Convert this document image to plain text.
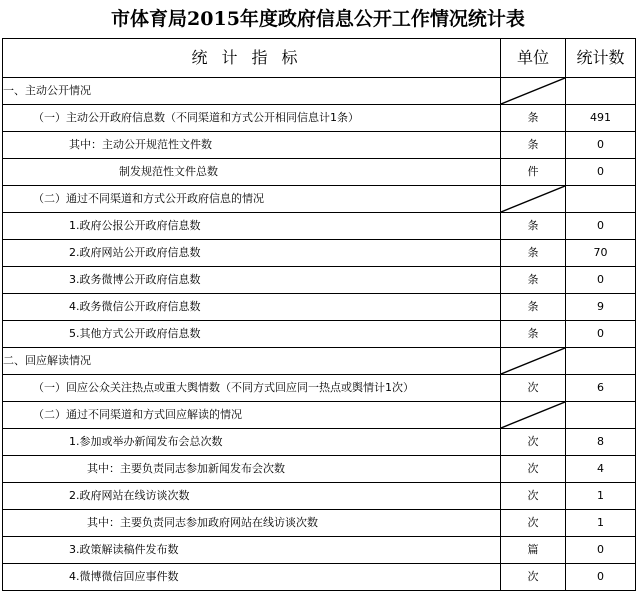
市体育局2015年度政府信息公开工作情况统计表
统计指标	单位	统计数
一、主动公开情况	

（一）主动公开政府信息数（不同渠道和方式公开相同信息计1条）	条	491
其中：主动公开规范性文件数	条	0
制发规范性文件总数	件	0
（二）通过不同渠道和方式公开政府信息的情况	

1.政府公报公开政府信息数	条	0
2.政府网站公开政府信息数	条	70
3.政务微博公开政府信息数	条	0
4.政务微信公开政府信息数	条	9
5.其他方式公开政府信息数	条	0
二、回应解读情况	

（一）回应公众关注热点或重大舆情数（不同方式回应同一热点或舆情计1次）	次	6
（二）通过不同渠道和方式回应解读的情况	

1.参加或举办新闻发布会总次数	次	8
其中：主要负责同志参加新闻发布会次数	次	4
2.政府网站在线访谈次数	次	1
其中：主要负责同志参加政府网站在线访谈次数	次	1
3.政策解读稿件发布数	篇	0
4.微博微信回应事件数	次	0
